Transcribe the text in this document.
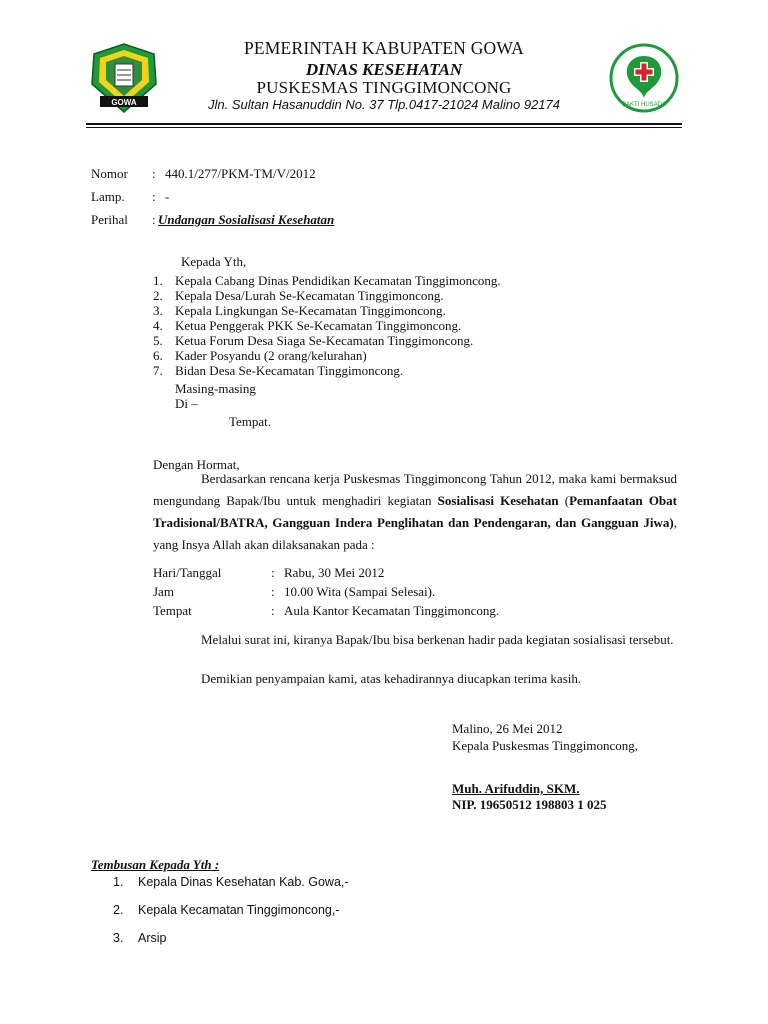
GOWA	BAKTI HUSADA
PEMERINTAH KABUPATEN GOWA
DINAS KESEHATAN
PUSKESMAS TINGGIMONCONG
Jln. Sultan Hasanuddin No. 37 Tlp.0417-21024 Malino 92174
Nomor : 440.1/277/PKM-TM/V/2012
Lamp. : -
Perihal : Undangan Sosialisasi Kesehatan
Kepada Yth,
1. Kepala Cabang Dinas Pendidikan Kecamatan Tinggimoncong.
2. Kepala Desa/Lurah Se-Kecamatan Tinggimoncong.
3. Kepala Lingkungan Se-Kecamatan Tinggimoncong.
4. Ketua Penggerak PKK Se-Kecamatan Tinggimoncong.
5. Ketua Forum Desa Siaga Se-Kecamatan Tinggimoncong.
6. Kader Posyandu (2 orang/kelurahan)
7. Bidan Desa Se-Kecamatan Tinggimoncong.
Masing-masing
Di –
Tempat.
Dengan Hormat,
Berdasarkan rencana kerja Puskesmas Tinggimoncong Tahun 2012, maka kami bermaksud mengundang Bapak/Ibu untuk menghadiri kegiatan Sosialisasi Kesehatan (Pemanfaatan Obat Tradisional/BATRA, Gangguan Indera Penglihatan dan Pendengaran, dan Gangguan Jiwa), yang Insya Allah akan dilaksanakan pada :
Hari/Tanggal	: Rabu, 30 Mei 2012
Jam	: 10.00 Wita (Sampai Selesai).
Tempat	: Aula Kantor Kecamatan Tinggimoncong.
Melalui surat ini, kiranya Bapak/Ibu bisa berkenan hadir pada kegiatan sosialisasi tersebut.
Demikian penyampaian kami, atas kehadirannya diucapkan terima kasih.
Malino, 26 Mei 2012
Kepala Puskesmas Tinggimoncong,
Muh. Arifuddin, SKM.
NIP. 19650512 198803 1 025
Tembusan Kepada Yth :
1. Kepala Dinas Kesehatan Kab. Gowa,-
2. Kepala Kecamatan Tinggimoncong,-
3. Arsip
